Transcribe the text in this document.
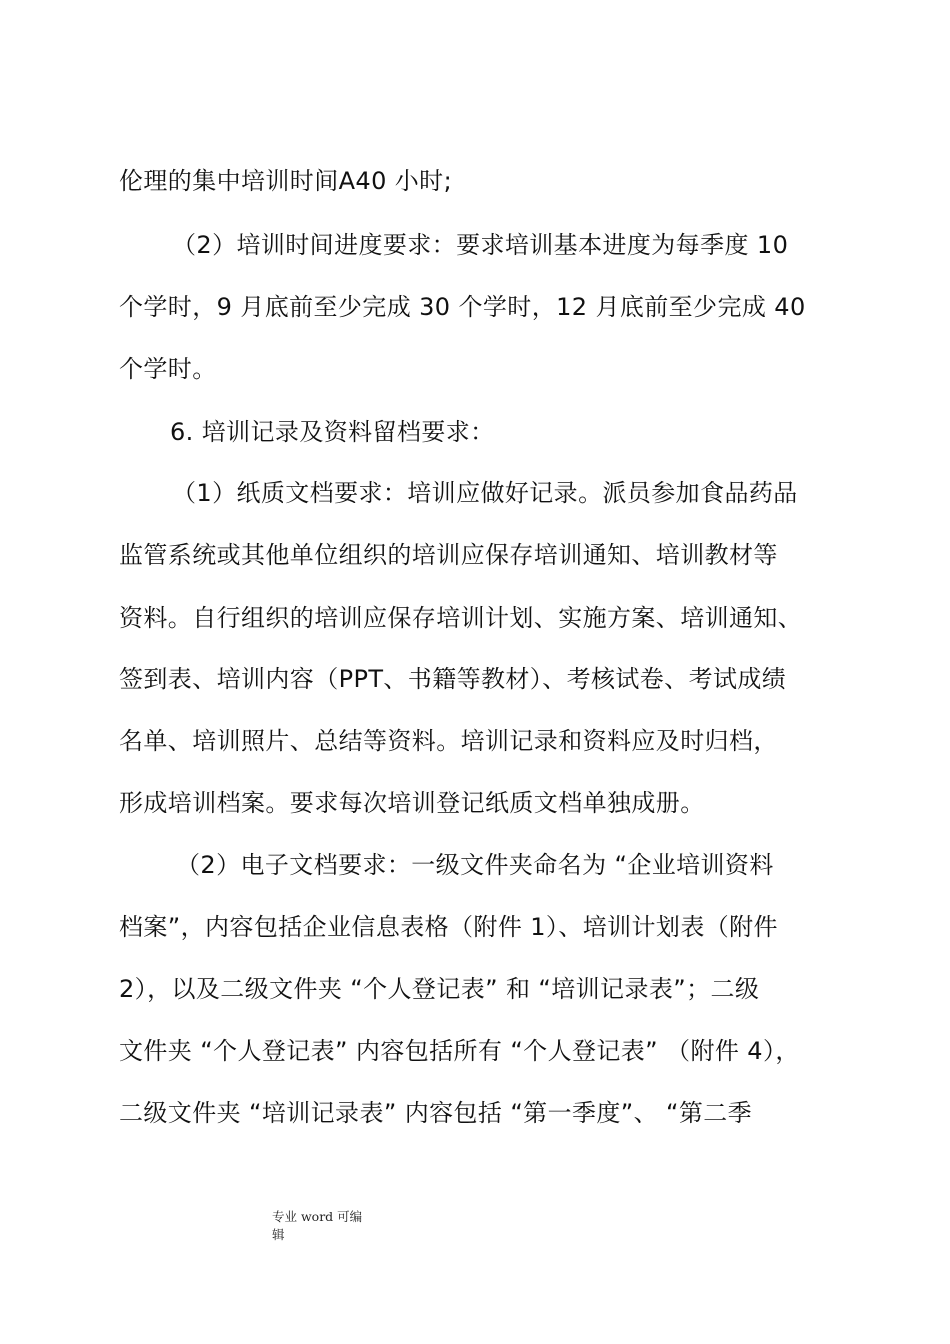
伦理的集中培训时间A40 小时;
（2）培训时间进度要求：要求培训基本进度为每季度 10
个学时，9 月底前至少完成 30 个学时，12 月底前至少完成 40
个学时。
6. 培训记录及资料留档要求：
（1）纸质文档要求：培训应做好记录。派员参加食品药品
监管系统或其他单位组织的培训应保存培训通知、培训教材等
资料。自行组织的培训应保存培训计划、实施方案、培训通知、
签到表、培训内容（PPT、书籍等教材）、考核试卷、考试成绩
名单、培训照片、总结等资料。培训记录和资料应及时归档，
形成培训档案。要求每次培训登记纸质文档单独成册。
（2）电子文档要求：一级文件夹命名为 “企业培训资料
档案”，内容包括企业信息表格（附件 1）、培训计划表（附件
2），以及二级文件夹 “个人登记表” 和 “培训记录表”；二级
文件夹 “个人登记表” 内容包括所有 “个人登记表” （附件 4），
二级文件夹 “培训记录表” 内容包括 “第一季度”、 “第二季
专业 word 可编辑
